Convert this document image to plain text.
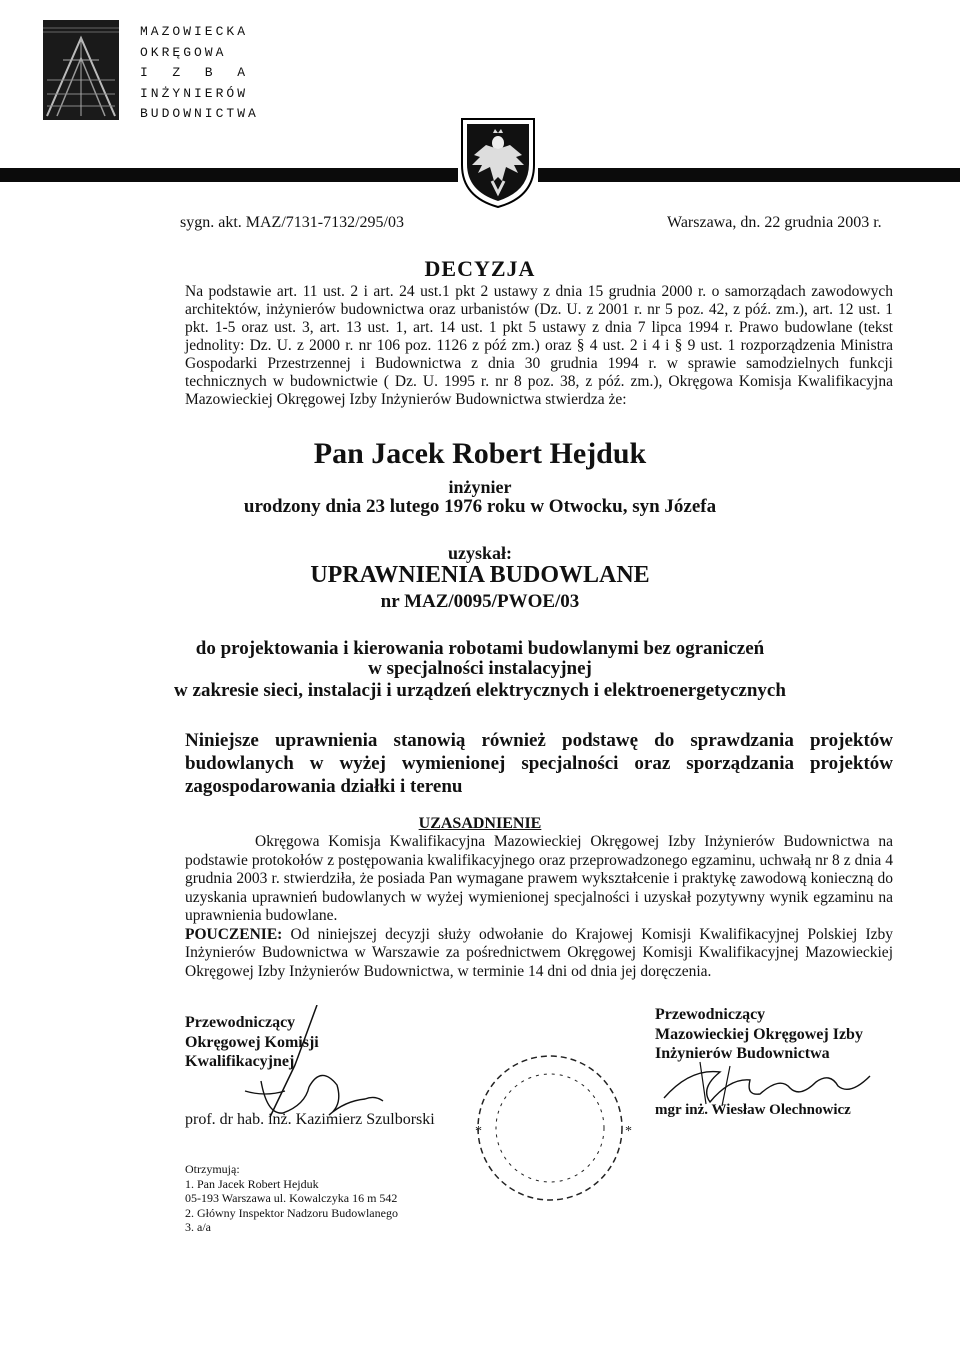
MAZOWIECKA
OKRĘGOWA
I  Z  B  A
INŻYNIERÓW
BUDOWNICTWA
sygn. akt. MAZ/7131-7132/295/03	Warszawa, dn. 22 grudnia 2003 r.
DECYZJA
Na podstawie art. 11 ust. 2 i art. 24 ust.1 pkt 2 ustawy z dnia 15 grudnia 2000 r. o samorządach zawodowych architektów, inżynierów budownictwa oraz urbanistów (Dz. U. z 2001 r. nr 5 poz. 42, z póź. zm.), art. 12 ust. 1 pkt. 1-5 oraz ust. 3, art. 13 ust. 1, art. 14 ust. 1 pkt 5 ustawy z dnia 7 lipca 1994 r. Prawo budowlane (tekst jednolity: Dz. U. z 2000 r. nr 106 poz. 1126 z póź zm.) oraz § 4 ust. 2 i 4 i § 9 ust. 1 rozporządzenia Ministra Gospodarki Przestrzennej i Budownictwa z dnia 30 grudnia 1994 r. w sprawie samodzielnych funkcji technicznych w budownictwie ( Dz. U. 1995 r. nr 8 poz. 38, z póź. zm.), Okręgowa Komisja Kwalifikacyjna Mazowieckiej Okręgowej Izby Inżynierów Budownictwa stwierdza że:
Pan Jacek Robert Hejduk
inżynier
urodzony dnia 23 lutego 1976 roku w Otwocku, syn Józefa
uzyskał:
UPRAWNIENIA BUDOWLANE
nr MAZ/0095/PWOE/03
do projektowania i kierowania robotami budowlanymi bez ograniczeń
w specjalności instalacyjnej
w zakresie sieci, instalacji i urządzeń elektrycznych i elektroenergetycznych
Niniejsze uprawnienia stanowią również podstawę do sprawdzania projektów budowlanych w wyżej wymienionej specjalności oraz sporządzania projektów zagospodarowania działki i terenu
UZASADNIENIE

Okręgowa Komisja Kwalifikacyjna Mazowieckiej Okręgowej Izby Inżynierów Budownictwa na podstawie protokołów z postępowania kwalifikacyjnego oraz przeprowadzonego egzaminu, uchwałą nr 8 z dnia 4 grudnia 2003 r. stwierdziła, że posiada Pan wymagane prawem wykształcenie i praktykę zawodową konieczną do uzyskania uprawnień budowlanych w wyżej wymienionej specjalności i uzyskał pozytywny wynik egzaminu na uprawnienia budowlane.

POUCZENIE: Od niniejszej decyzji służy odwołanie do Krajowej Komisji Kwalifikacyjnej Polskiej Izby Inżynierów Budownictwa w Warszawie za pośrednictwem Okręgowej Komisji Kwalifikacyjnej Mazowieckiej Okręgowej Izby Inżynierów Budownictwa, w terminie 14 dni od dnia jej doręczenia.
Przewodniczący
Okręgowej Komisji
Kwalifikacyjnej
prof. dr hab. inż. Kazimierz Szulborski
Przewodniczący
Mazowieckiej Okręgowej Izby
Inżynierów Budownictwa
mgr inż. Wiesław Olechnowicz
*	*
Otrzymują:
1. Pan Jacek Robert Hejduk
05-193 Warszawa ul. Kowalczyka 16 m 542
2. Główny Inspektor Nadzoru Budowlanego
3. a/a
